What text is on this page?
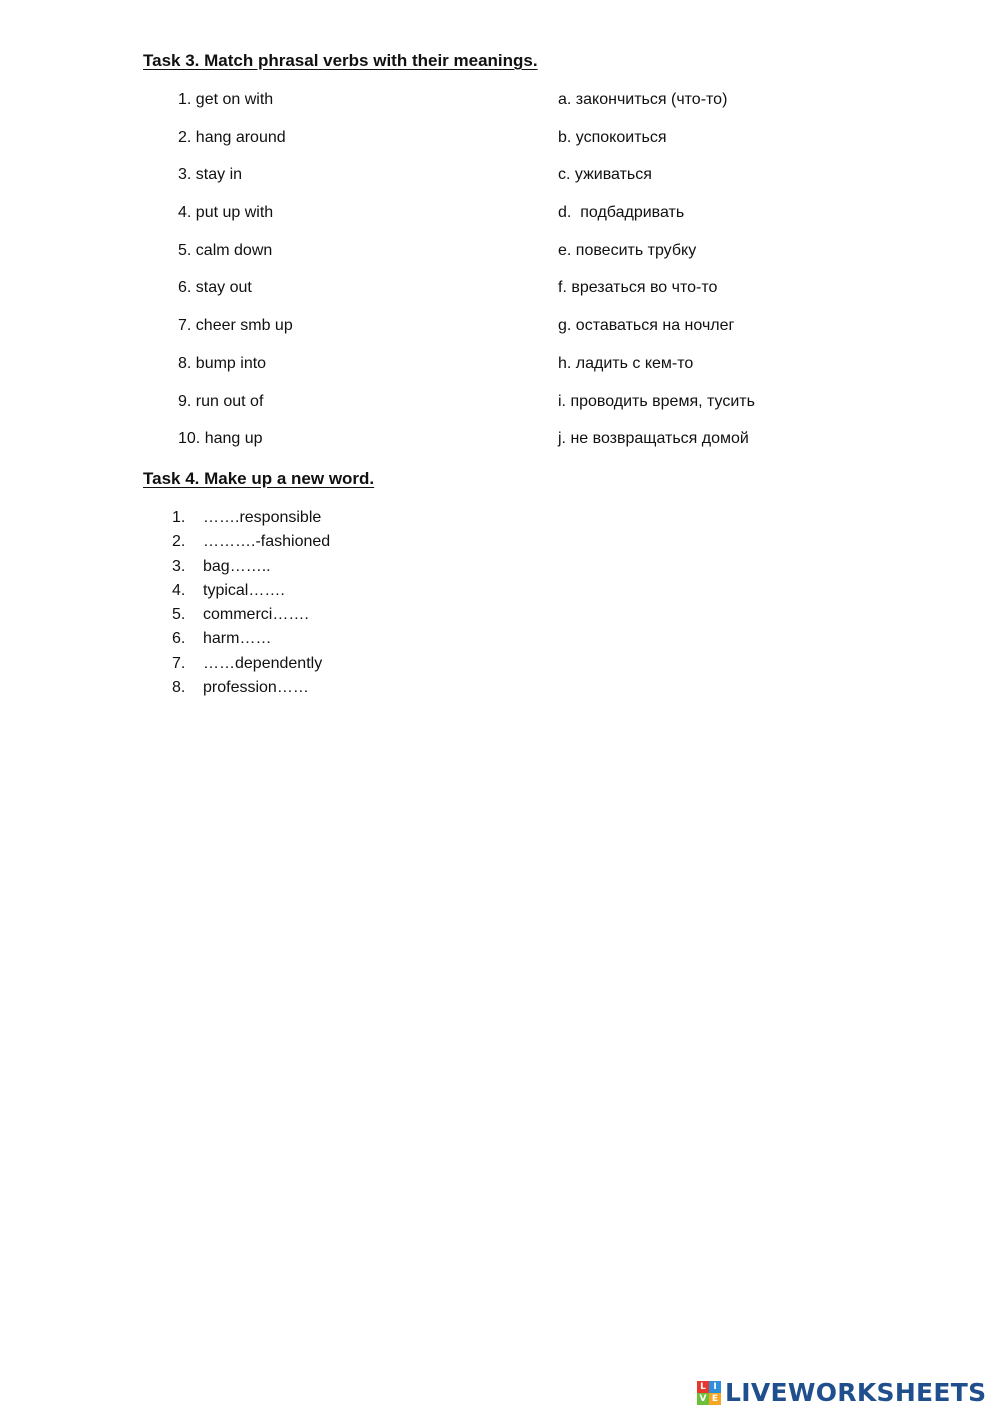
Task 3. Match phrasal verbs with their meanings.
1. get on with	a. закончиться (что-то)
2. hang around	b. успокоиться
3. stay in	c. уживаться
4. put up with	d.  подбадривать
5. calm down	e. повесить трубку
6. stay out	f. врезаться во что-то
7. cheer smb up	g. оставаться на ночлег
8. bump into	h. ладить с кем-то
9. run out of	i. проводить время, тусить
10. hang up	j. не возвращаться домой
Task 4. Make up a new word.
1. …….responsible
2. ……….-fashioned
3. bag……..
4. typical…….
5. commerci…….
6. harm……
7. ……dependently
8. profession……
L I
V E LIVEWORKSHEETS
